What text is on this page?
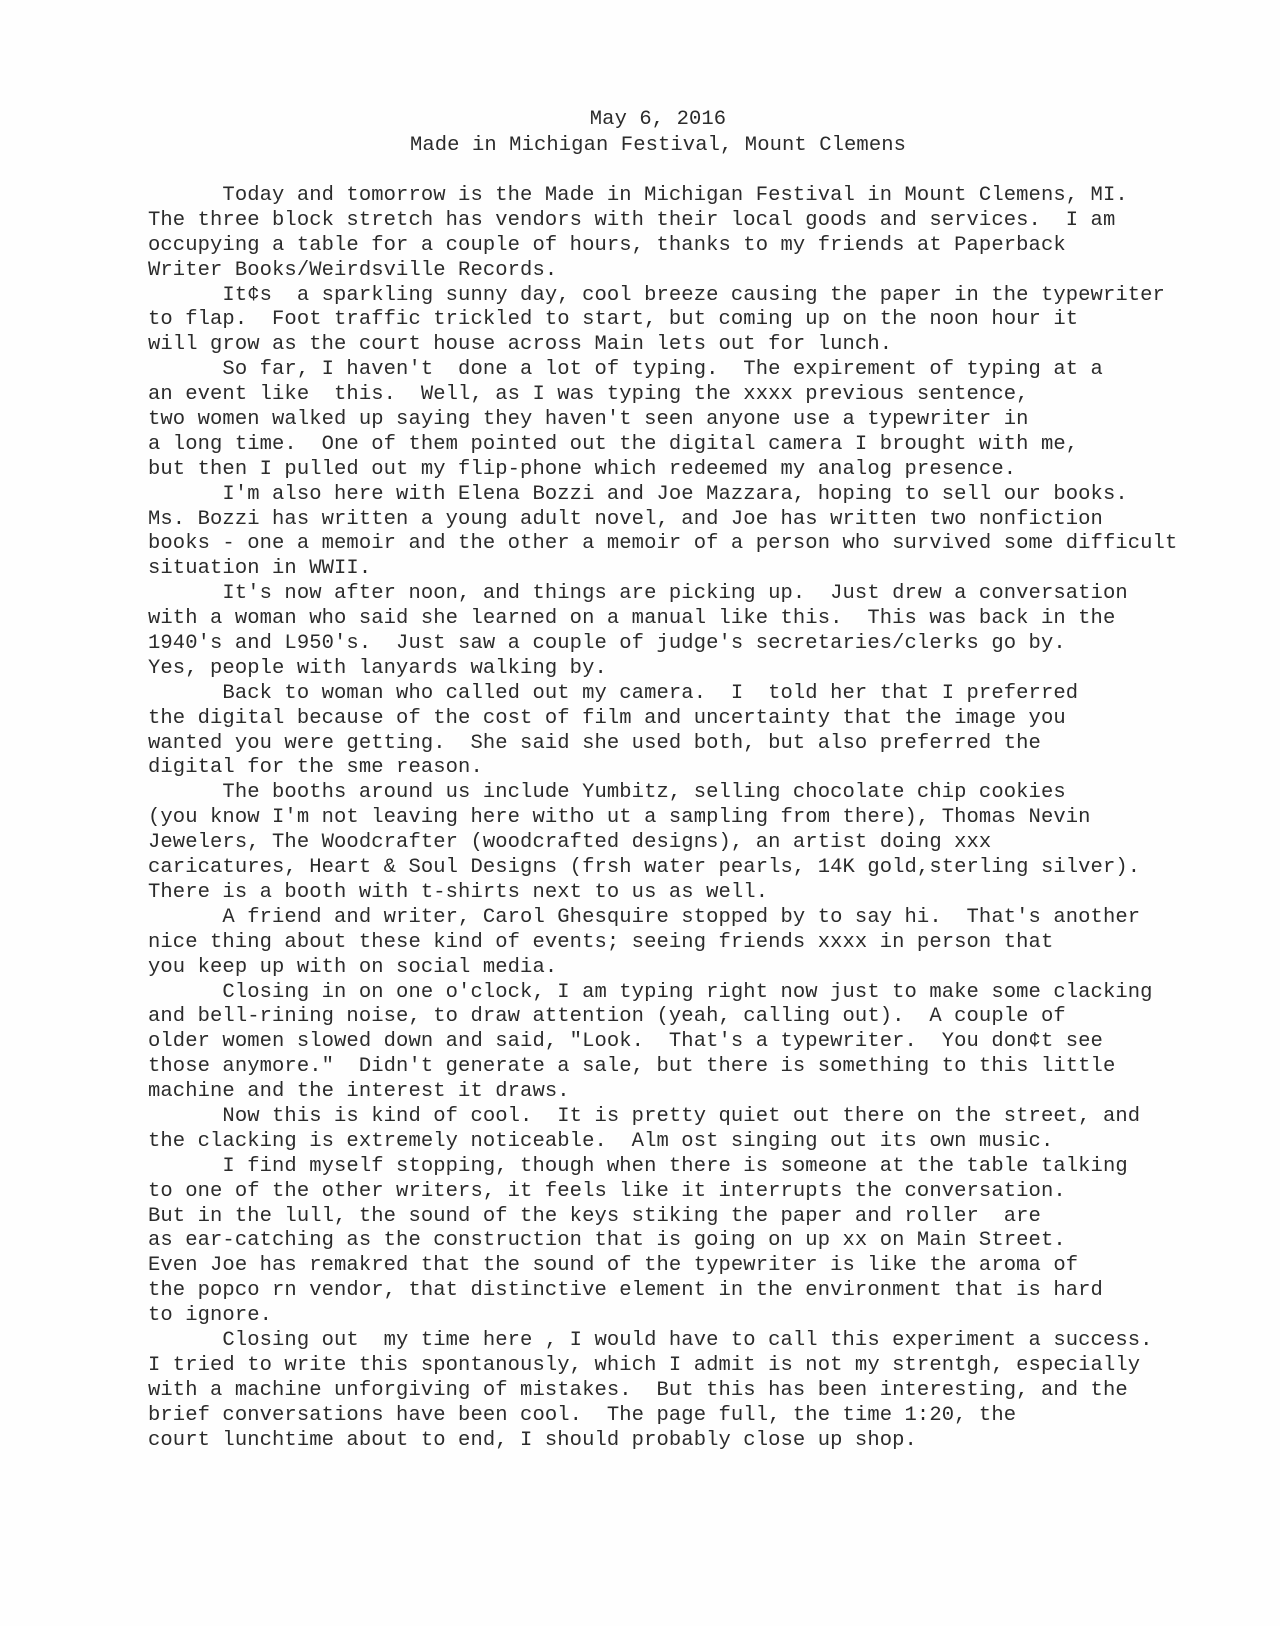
May 6, 2016
Made in Michigan Festival, Mount Clemens
Today and tomorrow is the Made in Michigan Festival in Mount Clemens, MI.
The three block stretch has vendors with their local goods and services.  I am
occupying a table for a couple of hours, thanks to my friends at Paperback
Writer Books/Weirdsville Records.
It¢s  a sparkling sunny day, cool breeze causing the paper in the typewriter
to flap.  Foot traffic trickled to start, but coming up on the noon hour it
will grow as the court house across Main lets out for lunch.
So far, I haven't  done a lot of typing.  The expirement of typing at a
an event like  this.  Well, as I was typing the xxxx previous sentence,
two women walked up saying they haven't seen anyone use a typewriter in
a long time.  One of them pointed out the digital camera I brought with me,
but then I pulled out my flip-phone which redeemed my analog presence.
I'm also here with Elena Bozzi and Joe Mazzara, hoping to sell our books.
Ms. Bozzi has written a young adult novel, and Joe has written two nonfiction
books - one a memoir and the other a memoir of a person who survived some difficult
situation in WWII.
It's now after noon, and things are picking up.  Just drew a conversation
with a woman who said she learned on a manual like this.  This was back in the
1940's and L950's.  Just saw a couple of judge's secretaries/clerks go by.
Yes, people with lanyards walking by.
Back to woman who called out my camera.  I  told her that I preferred
the digital because of the cost of film and uncertainty that the image you
wanted you were getting.  She said she used both, but also preferred the
digital for the sme reason.
The booths around us include Yumbitz, selling chocolate chip cookies
(you know I'm not leaving here witho ut a sampling from there), Thomas Nevin
Jewelers, The Woodcrafter (woodcrafted designs), an artist doing xxx
caricatures, Heart & Soul Designs (frsh water pearls, 14K gold,sterling silver).
There is a booth with t-shirts next to us as well.
A friend and writer, Carol Ghesquire stopped by to say hi.  That's another
nice thing about these kind of events; seeing friends xxxx in person that
you keep up with on social media.
Closing in on one o'clock, I am typing right now just to make some clacking
and bell-rining noise, to draw attention (yeah, calling out).  A couple of
older women slowed down and said, "Look.  That's a typewriter.  You don¢t see
those anymore."  Didn't generate a sale, but there is something to this little
machine and the interest it draws.
Now this is kind of cool.  It is pretty quiet out there on the street, and
the clacking is extremely noticeable.  Alm ost singing out its own music.
I find myself stopping, though when there is someone at the table talking
to one of the other writers, it feels like it interrupts the conversation.
But in the lull, the sound of the keys stiking the paper and roller  are
as ear-catching as the construction that is going on up xx on Main Street.
Even Joe has remakred that the sound of the typewriter is like the aroma of
the popco rn vendor, that distinctive element in the environment that is hard
to ignore.
Closing out  my time here , I would have to call this experiment a success.
I tried to write this spontanously, which I admit is not my strentgh, especially
with a machine unforgiving of mistakes.  But this has been interesting, and the
brief conversations have been cool.  The page full, the time 1:20, the
court lunchtime about to end, I should probably close up shop.
